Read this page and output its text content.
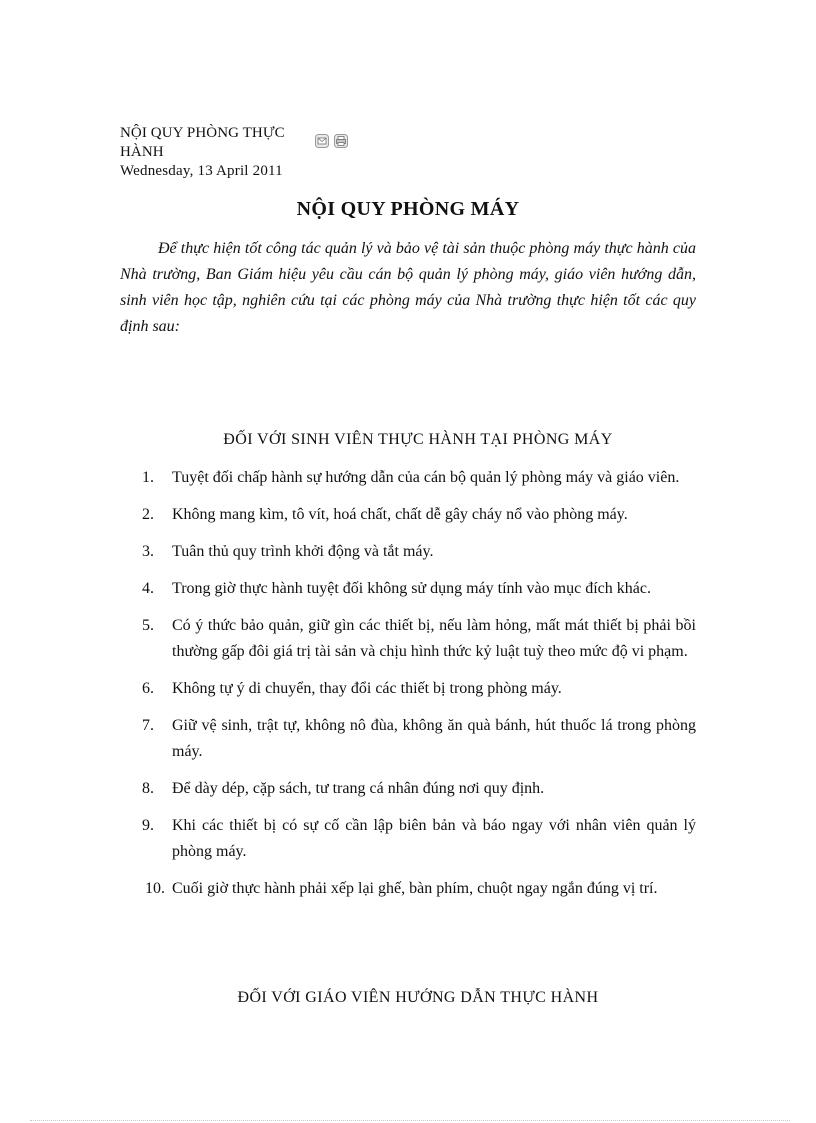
NỘI QUY PHÒNG THỰC HÀNH
Wednesday, 13 April 2011
NỘI QUY PHÒNG MÁY
Để thực hiện tốt công tác quản lý và bảo vệ tài sản thuộc phòng máy thực hành của Nhà trường, Ban Giám hiệu yêu cầu cán bộ quản lý phòng máy, giáo viên hướng dẫn, sinh viên học tập, nghiên cứu tại các phòng máy của Nhà trường thực hiện tốt các quy định sau:
ĐỐI VỚI SINH VIÊN THỰC HÀNH TẠI PHÒNG MÁY
1. Tuyệt đối chấp hành sự hướng dẫn của cán bộ quản lý phòng máy và giáo viên.
2. Không mang kìm, tô vít, hoá chất, chất dễ gây cháy nổ vào phòng máy.
3. Tuân thủ quy trình khởi động và tắt máy.
4. Trong giờ thực hành tuyệt đối không sử dụng máy tính vào mục đích khác.
5. Có ý thức bảo quản, giữ gìn các thiết bị, nếu làm hỏng, mất mát thiết bị phải bồi thường gấp đôi giá trị tài sản và chịu hình thức kỷ luật tuỳ theo mức độ vi phạm.
6. Không tự ý di chuyển, thay đổi các thiết bị trong phòng máy.
7. Giữ vệ sinh, trật tự, không nô đùa, không ăn quà bánh, hút thuốc lá trong phòng máy.
8. Để dày dép, cặp sách, tư trang cá nhân đúng nơi quy định.
9. Khi các thiết bị có sự cố cần lập biên bản và báo ngay với nhân viên quản lý phòng máy.
10. Cuối giờ thực hành phải xếp lại ghế, bàn phím, chuột ngay ngắn đúng vị trí.
ĐỐI VỚI GIÁO VIÊN HƯỚNG DẪN THỰC HÀNH
